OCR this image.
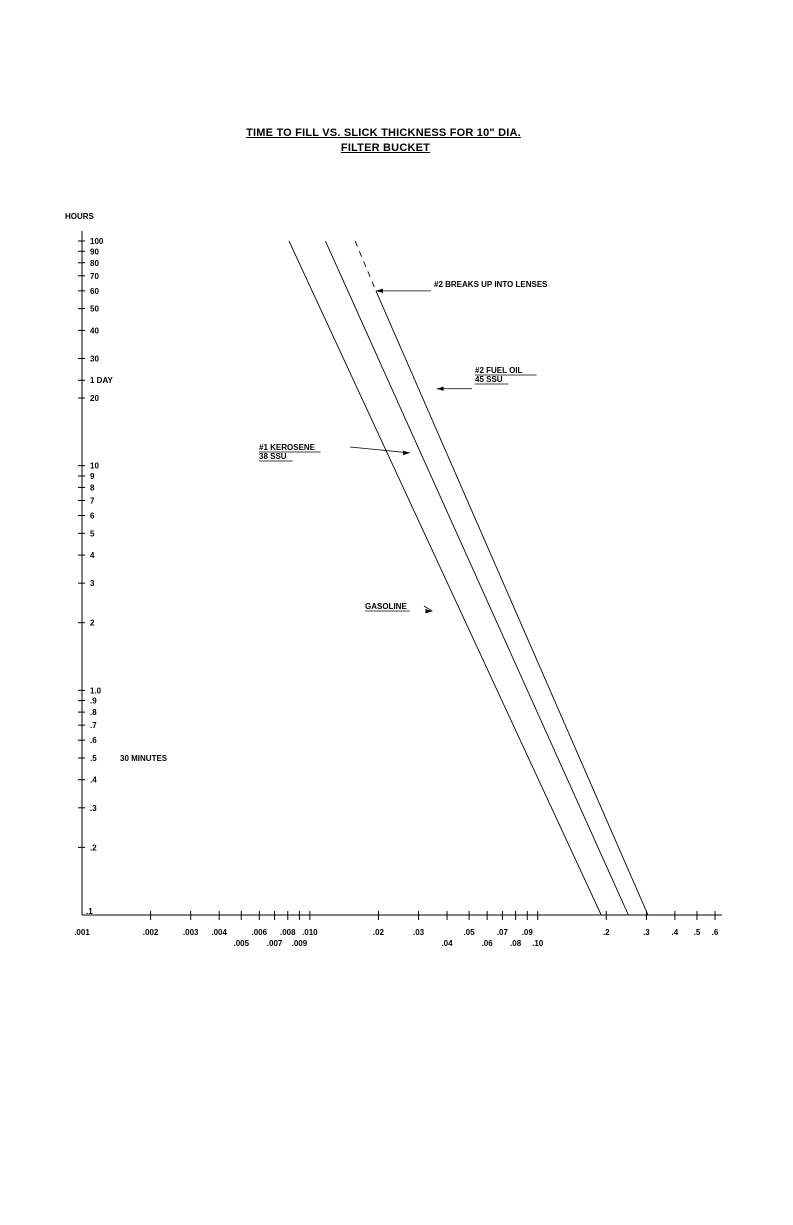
TIME TO FILL VS. SLICK THICKNESS FOR 10" DIA.
FILTER BUCKET
100
90
80
70
60
50
40
30
1 DAY
20
10
9
8
7
6
5
4
3
2
1.0
.9
.8
.7
.6
.5
.4
.3
.2
.1
.001	.002	.003 .004
.005
.006
.007
.008
.009
.010	.02	.03
.04
.05
.06
.07
.08
.09
.10
.2	.3	.4 .5 .6
#2 BREAKS UP INTO LENSES
#2 FUEL OIL
45 SSU
#1 KEROSENE
38 SSU
GASOLINE
30 MINUTES
HOURS
